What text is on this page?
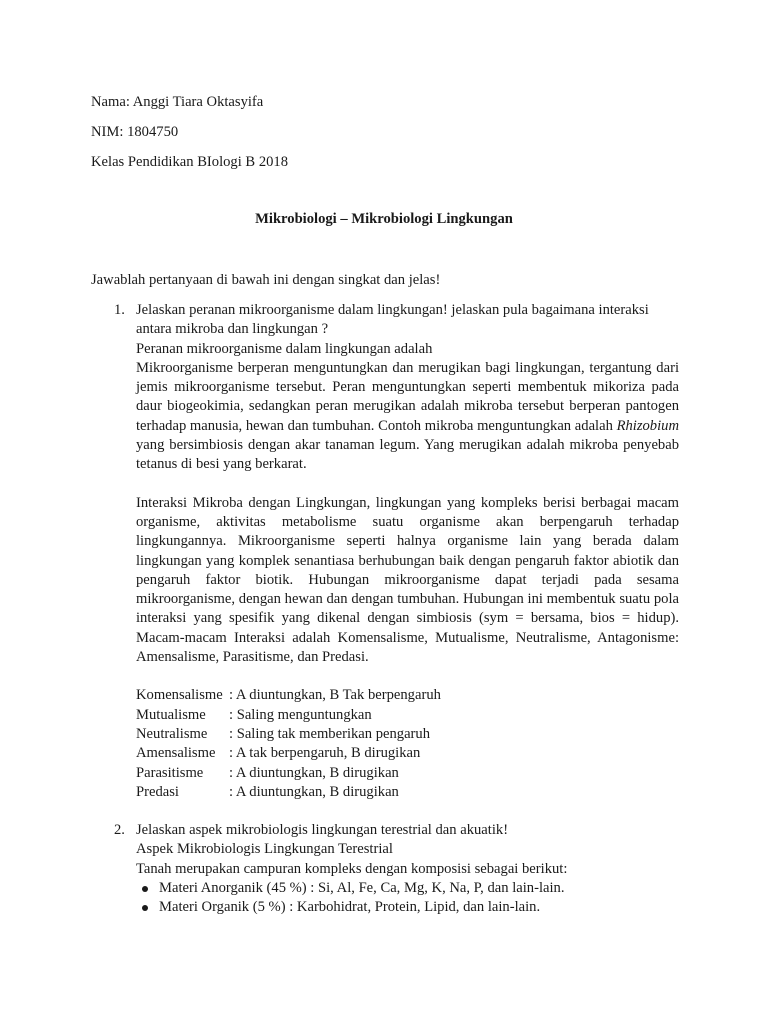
Nama: Anggi Tiara Oktasyifa

NIM: 1804750

Kelas Pendidikan BIologi B 2018

Mikrobiologi – Mikrobiologi Lingkungan

Jawablah pertanyaan di bawah ini dengan singkat dan jelas!

1. Jelaskan peranan mikroorganisme dalam lingkungan! jelaskan pula bagaimana interaksi antara mikroba dan lingkungan ?

Peranan mikroorganisme dalam lingkungan adalah

Mikroorganisme berperan menguntungkan dan merugikan bagi lingkungan, tergantung dari jemis mikroorganisme tersebut. Peran menguntungkan seperti membentuk mikoriza pada daur biogeokimia, sedangkan peran merugikan adalah mikroba tersebut berperan pantogen terhadap manusia, hewan dan tumbuhan. Contoh mikroba menguntungkan adalah Rhizobium yang bersimbiosis dengan akar tanaman legum. Yang merugikan adalah mikroba penyebab tetanus di besi yang berkarat.

Interaksi Mikroba dengan Lingkungan, lingkungan yang kompleks berisi berbagai macam organisme, aktivitas metabolisme suatu organisme akan berpengaruh terhadap lingkungannya. Mikroorganisme seperti halnya organisme lain yang berada dalam lingkungan yang komplek senantiasa berhubungan baik dengan pengaruh faktor abiotik dan pengaruh faktor biotik. Hubungan mikroorganisme dapat terjadi pada sesama mikroorganisme, dengan hewan dan dengan tumbuhan. Hubungan ini membentuk suatu pola interaksi yang spesifik yang dikenal dengan simbiosis (sym = bersama, bios = hidup). Macam-macam Interaksi adalah Komensalisme, Mutualisme, Neutralisme, Antagonisme: Amensalisme, Parasitisme, dan Predasi.

Komensalisme : A diuntungkan, B Tak berpengaruh
Mutualisme	: Saling menguntungkan
Neutralisme	: Saling tak memberikan pengaruh
Amensalisme : A tak berpengaruh, B dirugikan
Parasitisme	: A diuntungkan, B dirugikan
Predasi	: A diuntungkan, B dirugikan
2. Jelaskan aspek mikrobiologis lingkungan terestrial dan akuatik!

Aspek Mikrobiologis Lingkungan Terestrial

Tanah merupakan campuran kompleks dengan komposisi sebagai berikut:

Materi Anorganik (45 %) : Si, Al, Fe, Ca, Mg, K, Na, P, dan lain-lain.
Materi Organik (5 %) : Karbohidrat, Protein, Lipid, dan lain-lain.
